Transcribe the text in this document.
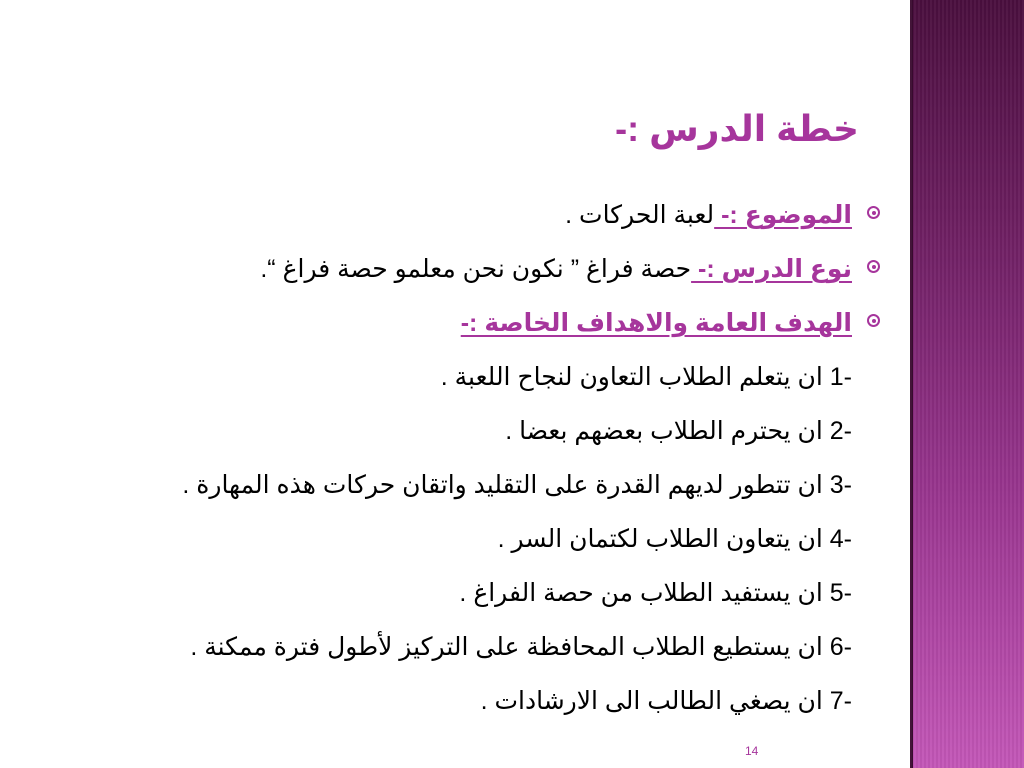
خطة الدرس :-
الموضوع :- لعبة الحركات .
نوع الدرس :- حصة فراغ ” نكون نحن معلمو حصة فراغ “.
الهدف العامة والاهداف الخاصة :-
1- ان يتعلم الطلاب التعاون لنجاح اللعبة .
2- ان يحترم الطلاب بعضهم بعضا .
3- ان تتطور لديهم القدرة على التقليد واتقان حركات هذه المهارة .
4- ان يتعاون الطلاب لكتمان السر .
5- ان يستفيد الطلاب من حصة الفراغ .
6- ان يستطيع الطلاب المحافظة على التركيز لأطول فترة ممكنة .
7- ان يصغي الطالب الى الارشادات .
14
